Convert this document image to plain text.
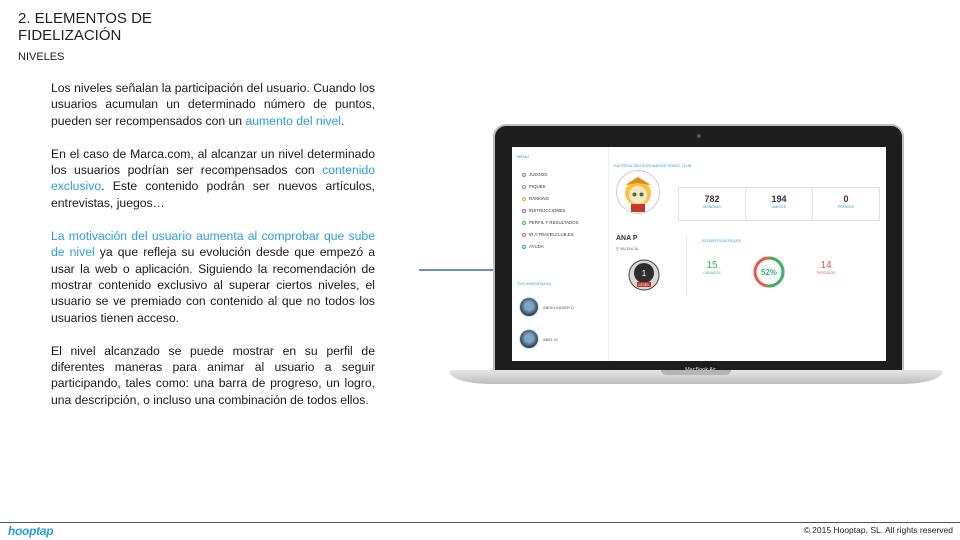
2. ELEMENTOS DE FIDELIZACIÓN
NIVELES

Los niveles señalan la participación del usuario. Cuando los usuarios acumulan un determinado número de puntos, pueden ser recompensados con un aumento del nivel.

En el caso de Marca.com, al alcanzar un nivel determinado los usuarios podrían ser recompensados con contenido exclusivo. Este contenido podrán ser nuevos artículos, entrevistas, juegos…

La motivación del usuario aumenta al comprobar que sube de nivel ya que refleja su evolución desde que empezó a usar la web o aplicación. Siguiendo la recomendación de mostrar contenido exclusivo al superar ciertos niveles, el usuario se ve premiado con contenido al que no todos los usuarios tienen acceso.

El nivel alcanzado se puede mostrar en su perfil de diferentes maneras para animar al usuario a seguir participando, tales como: una barra de progreso, un logro, una descripción, o incluso una combinación de todos ellos.

MENÚ
JUEGOS
PIQUES
RANKING
INSTRUCCIONES
PERFIL Y RESULTADOS
IR A TRAVELCLUB.ES
AYUDA
TUS AMIGOS(194)
ABDELKADER D
ABEL M
TUS RESULTADOS EN AMIGOS TRAVEL CLUB
782
MONEDAS
194
AMIGOS
0
PREMIOS
ANA P
⚲ VALENCIA
1
LEVEL
ESTADÍSTICAS PIQUES
15
GANADOS	52%
14
PERDIDOS
hooptap	© 2015 Hooptap, SL. All rights reserved
